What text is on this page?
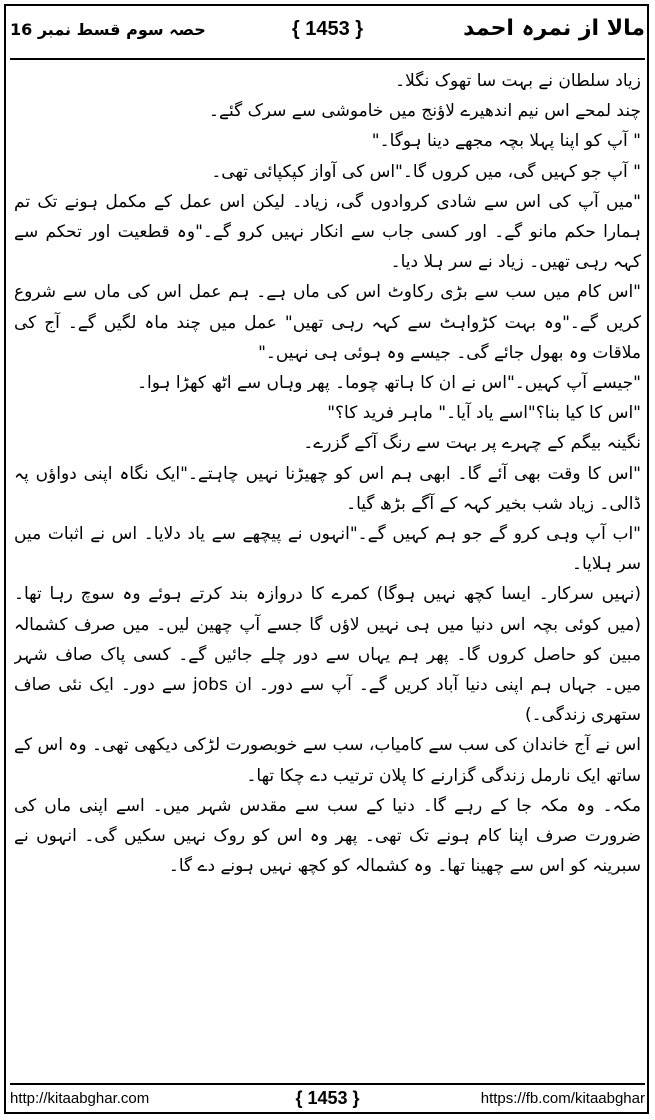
مالا از نمرہ احمد
{ 1453 }
حصہ سوم قسط نمبر 16

زیاد سلطان نے بہت سا تھوک نگلا۔

چند لمحے اس نیم اندھیرے لاؤنج میں خاموشی سے سرک گئے۔

" آپ کو اپنا پہلا بچہ مجھے دینا ہوگا۔"

" آپ جو کہیں گی، میں کروں گا۔"اس کی آواز کپکپائی تھی۔

"میں آپ کی اس سے شادی کروادوں گی، زیاد۔ لیکن اس عمل کے مکمل ہونے تک تم ہمارا حکم مانو گے۔ اور کسی جاب سے انکار نہیں کرو گے۔"وہ قطعیت اور تحکم سے کہہ رہی تھیں۔ زیاد نے سر ہلا دیا۔

"اس کام میں سب سے بڑی رکاوٹ اس کی ماں ہے۔ ہم عمل اس کی ماں سے شروع کریں گے۔"وہ بہت کڑواہٹ سے کہہ رہی تھیں" عمل میں چند ماہ لگیں گے۔ آج کی ملاقات وہ بھول جائے گی۔ جیسے وہ ہوئی ہی نہیں۔"

"جیسے آپ کہیں۔"اس نے ان کا ہاتھ چوما۔ پھر وہاں سے اٹھ کھڑا ہوا۔

"اس کا کیا بنا؟"اسے یاد آیا۔" ماہر فرید کا؟"

نگینہ بیگم کے چہرے پر بہت سے رنگ آکے گزرے۔

"اس کا وقت بھی آئے گا۔ ابھی ہم اس کو چھیڑنا نہیں چاہتے۔"ایک نگاہ اپنی دواؤں پہ ڈالی۔ زیاد شب بخیر کہہ کے آگے بڑھ گیا۔

"اب آپ وہی کرو گے جو ہم کہیں گے۔"انہوں نے پیچھے سے یاد دلایا۔ اس نے اثبات میں سر ہلایا۔

(نہیں سرکار۔ ایسا کچھ نہیں ہوگا) کمرے کا دروازہ بند کرتے ہوئے وہ سوچ رہا تھا۔ (میں کوئی بچہ اس دنیا میں ہی نہیں لاؤں گا جسے آپ چھین لیں۔ میں صرف کشمالہ مبین کو حاصل کروں گا۔ پھر ہم یہاں سے دور چلے جائیں گے۔ کسی پاک صاف شہر میں۔ جہاں ہم اپنی دنیا آباد کریں گے۔ آپ سے دور۔ ان jobs سے دور۔ ایک نئی صاف ستھری زندگی۔)

اس نے آج خاندان کی سب سے کامیاب، سب سے خوبصورت لڑکی دیکھی تھی۔ وہ اس کے ساتھ ایک نارمل زندگی گزارنے کا پلان ترتیب دے چکا تھا۔

مکہ۔ وہ مکہ جا کے رہے گا۔ دنیا کے سب سے مقدس شہر میں۔ اسے اپنی ماں کی ضرورت صرف اپنا کام ہونے تک تھی۔ پھر وہ اس کو روک نہیں سکیں گی۔ انہوں نے سبرینہ کو اس سے چھینا تھا۔ وہ کشمالہ کو کچھ نہیں ہونے دے گا۔

http://kitaabghar.com	{ 1453 }	https://fb.com/kitaabghar
